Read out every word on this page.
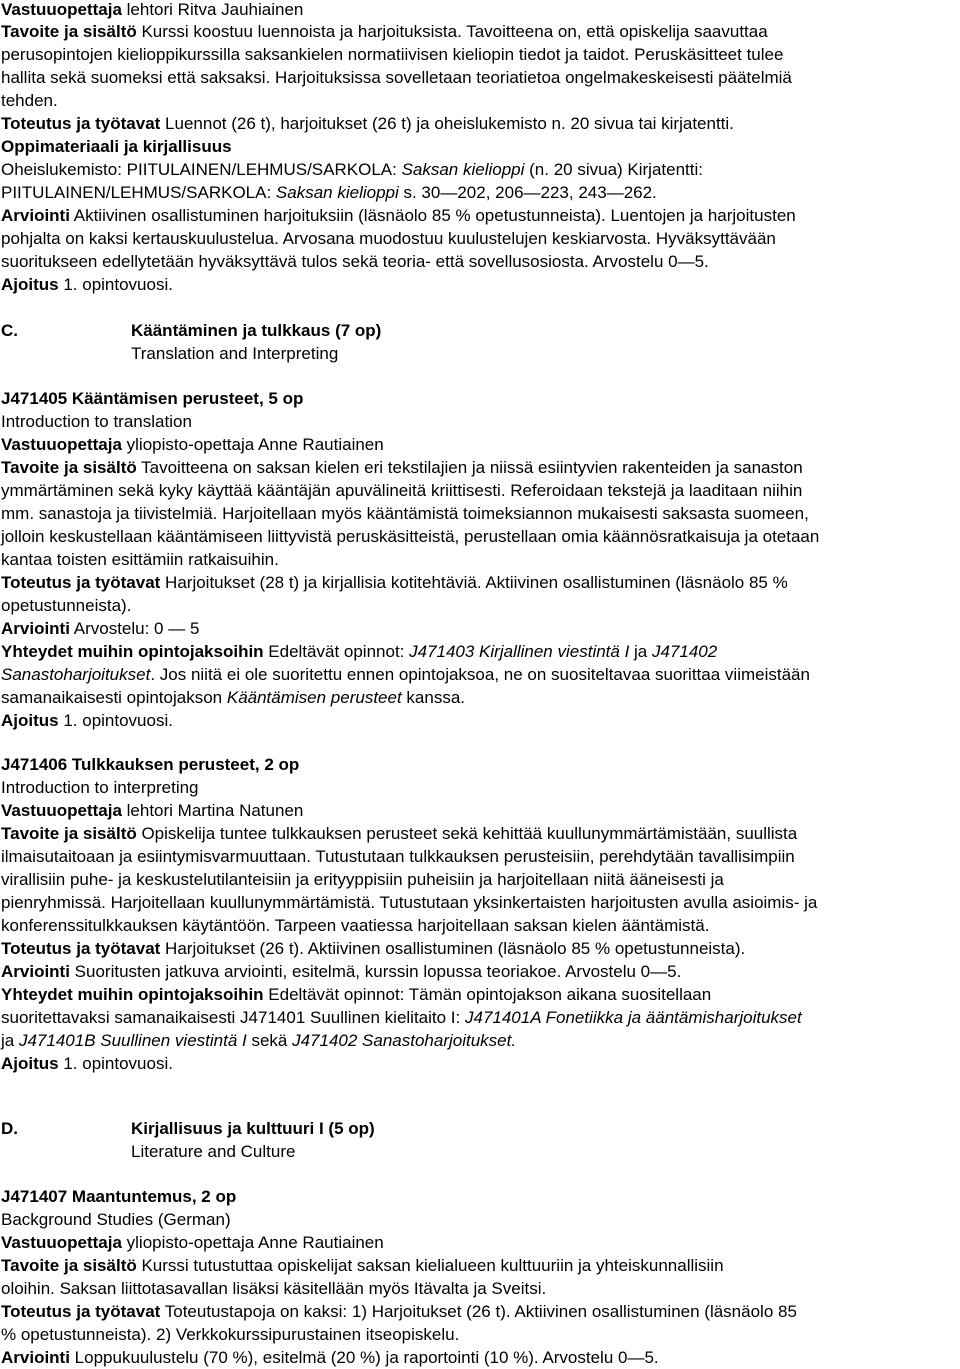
Vastuuopettaja lehtori Ritva Jauhiainen
Tavoite ja sisältö Kurssi koostuu luennoista ja harjoituksista. Tavoitteena on, että opiskelija saavuttaa
perusopintojen kielioppikurssilla saksankielen normatiivisen kieliopin tiedot ja taidot. Peruskäsitteet tulee
hallita sekä suomeksi että saksaksi. Harjoituksissa sovelletaan teoriatietoa ongelmakeskeisesti päätelmiä
tehden.
Toteutus ja työtavat Luennot (26 t), harjoitukset (26 t) ja oheislukemisto n. 20 sivua tai kirjatentti.
Oppimateriaali ja kirjallisuus
Oheislukemisto: PIITULAINEN/LEHMUS/SARKOLA: Saksan kielioppi (n. 20 sivua) Kirjatentti:
PIITULAINEN/LEHMUS/SARKOLA: Saksan kielioppi s. 30—202, 206—223, 243—262.
Arviointi Aktiivinen osallistuminen harjoituksiin (läsnäolo 85 % opetustunneista). Luentojen ja harjoitusten
pohjalta on kaksi kertauskuulustelua. Arvosana muodostuu kuulustelujen keskiarvosta. Hyväksyttävään
suoritukseen edellytetään hyväksyttävä tulos sekä teoria- että sovellusosiosta. Arvostelu 0—5.
Ajoitus 1. opintovuosi.
C.	Kääntäminen ja tulkkaus (7 op)
Translation and Interpreting
J471405 Kääntämisen perusteet, 5 op
Introduction to translation
Vastuuopettaja yliopisto-opettaja Anne Rautiainen
Tavoite ja sisältö Tavoitteena on saksan kielen eri tekstilajien ja niissä esiintyvien rakenteiden ja sanaston
ymmärtäminen sekä kyky käyttää kääntäjän apuvälineitä kriittisesti. Referoidaan tekstejä ja laaditaan niihin
mm. sanastoja ja tiivistelmiä. Harjoitellaan myös kääntämistä toimeksiannon mukaisesti saksasta suomeen,
jolloin keskustellaan kääntämiseen liittyvistä peruskäsitteistä, perustellaan omia käännösratkaisuja ja otetaan
kantaa toisten esittämiin ratkaisuihin.
Toteutus ja työtavat Harjoitukset (28 t) ja kirjallisia kotitehtäviä. Aktiivinen osallistuminen (läsnäolo 85 %
opetustunneista).
Arviointi Arvostelu: 0 — 5
Yhteydet muihin opintojaksoihin Edeltävät opinnot: J471403 Kirjallinen viestintä I ja J471402
Sanastoharjoitukset. Jos niitä ei ole suoritettu ennen opintojaksoa, ne on suositeltavaa suorittaa viimeistään
samanaikaisesti opintojakson Kääntämisen perusteet kanssa.
Ajoitus 1. opintovuosi.
J471406 Tulkkauksen perusteet, 2 op
Introduction to interpreting
Vastuuopettaja lehtori Martina Natunen
Tavoite ja sisältö Opiskelija tuntee tulkkauksen perusteet sekä kehittää kuullunymmärtämistään, suullista
ilmaisutaitoaan ja esiintymisvarmuuttaan. Tutustutaan tulkkauksen perusteisiin, perehdytään tavallisimpiin
virallisiin puhe- ja keskustelutilanteisiin ja erityyppisiin puheisiin ja harjoitellaan niitä ääneisesti ja
pienryhmissä. Harjoitellaan kuullunymmärtämistä. Tutustutaan yksinkertaisten harjoitusten avulla asioimis- ja
konferenssitulkkauksen käytäntöön. Tarpeen vaatiessa harjoitellaan saksan kielen ääntämistä.
Toteutus ja työtavat Harjoitukset (26 t). Aktiivinen osallistuminen (läsnäolo 85 % opetustunneista).
Arviointi Suoritusten jatkuva arviointi, esitelmä, kurssin lopussa teoriakoe. Arvostelu 0—5.
Yhteydet muihin opintojaksoihin Edeltävät opinnot: Tämän opintojakson aikana suositellaan
suoritettavaksi samanaikaisesti J471401 Suullinen kielitaito I: J471401A Fonetiikka ja ääntämisharjoitukset
ja J471401B Suullinen viestintä I sekä J471402 Sanastoharjoitukset.
Ajoitus 1. opintovuosi.
D.	Kirjallisuus ja kulttuuri I (5 op)
Literature and Culture
J471407 Maantuntemus, 2 op
Background Studies (German)
Vastuuopettaja yliopisto-opettaja Anne Rautiainen
Tavoite ja sisältö Kurssi tutustuttaa opiskelijat saksan kielialueen kulttuuriin ja yhteiskunnallisiin
oloihin. Saksan liittotasavallan lisäksi käsitellään myös Itävalta ja Sveitsi.
Toteutus ja työtavat Toteutustapoja on kaksi: 1) Harjoitukset (26 t). Aktiivinen osallistuminen (läsnäolo 85
% opetustunneista). 2) Verkkokurssipurustainen itseopiskelu.
Arviointi Loppukuulustelu (70 %), esitelmä (20 %) ja raportointi (10 %). Arvostelu 0—5.
